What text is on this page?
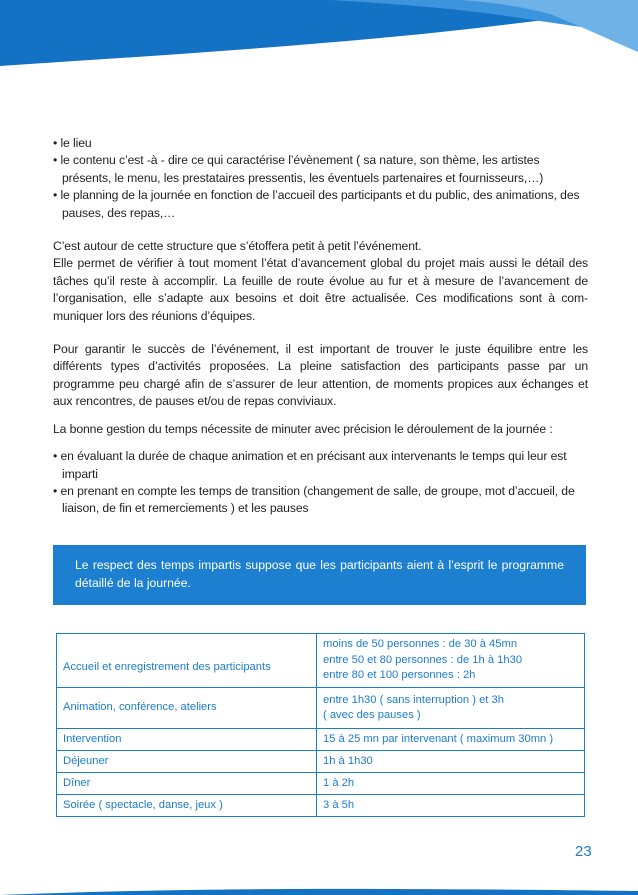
• le lieu
• le contenu c’est -à - dire ce qui caractérise l’évènement ( sa nature, son thème, les artistes présents, le menu, les prestataires pressentis, les éventuels partenaires et fournisseurs,…)
• le planning de la journée en fonction de l’accueil des participants et du public, des animations, des pauses, des repas,…

C’est autour de cette structure que s’étoffera petit à petit l’événement.

Elle permet de vérifier à tout moment l’état d’avancement global du projet mais aussi le détail des tâches qu’il reste à accomplir. La feuille de route évolue au fur et à mesure de l’avancement de l’organisation, elle s’adapte aux besoins et doit être actualisée. Ces modifications sont à com- muniquer lors des réunions d’équipes.

Pour garantir le succès de l’événement, il est important de trouver le juste équilibre entre les différents types d’activités proposées. La pleine satisfaction des participants passe par un programme peu chargé afin de s’assurer de leur attention, de moments propices aux échanges et aux rencontres, de pauses et/ou de repas conviviaux.

La bonne gestion du temps nécessite de minuter avec précision le déroulement de la journée :

• en évaluant la durée de chaque animation et en précisant aux intervenants le temps qui leur est imparti
• en prenant en compte les temps de transition (changement de salle, de groupe, mot d’accueil, de liaison, de fin et remerciements ) et les pauses

Le respect des temps impartis suppose que les participants aient à l’esprit le programme détaillé de la journée.

Accueil et enregistrement des participants	moins de 50 personnes : de 30 à 45mn
entre 50 et 80 personnes : de 1h à 1h30
entre 80 et 100 personnes : 2h

Animation, conférence, ateliers	entre 1h30 ( sans interruption ) et 3h
( avec des pauses )

Intervention	15 à 25 mn par intervenant ( maximum 30mn )

Déjeuner	1h à 1h30

Dîner	1 à 2h

Soirée ( spectacle, danse, jeux )	3 à 5h
23
